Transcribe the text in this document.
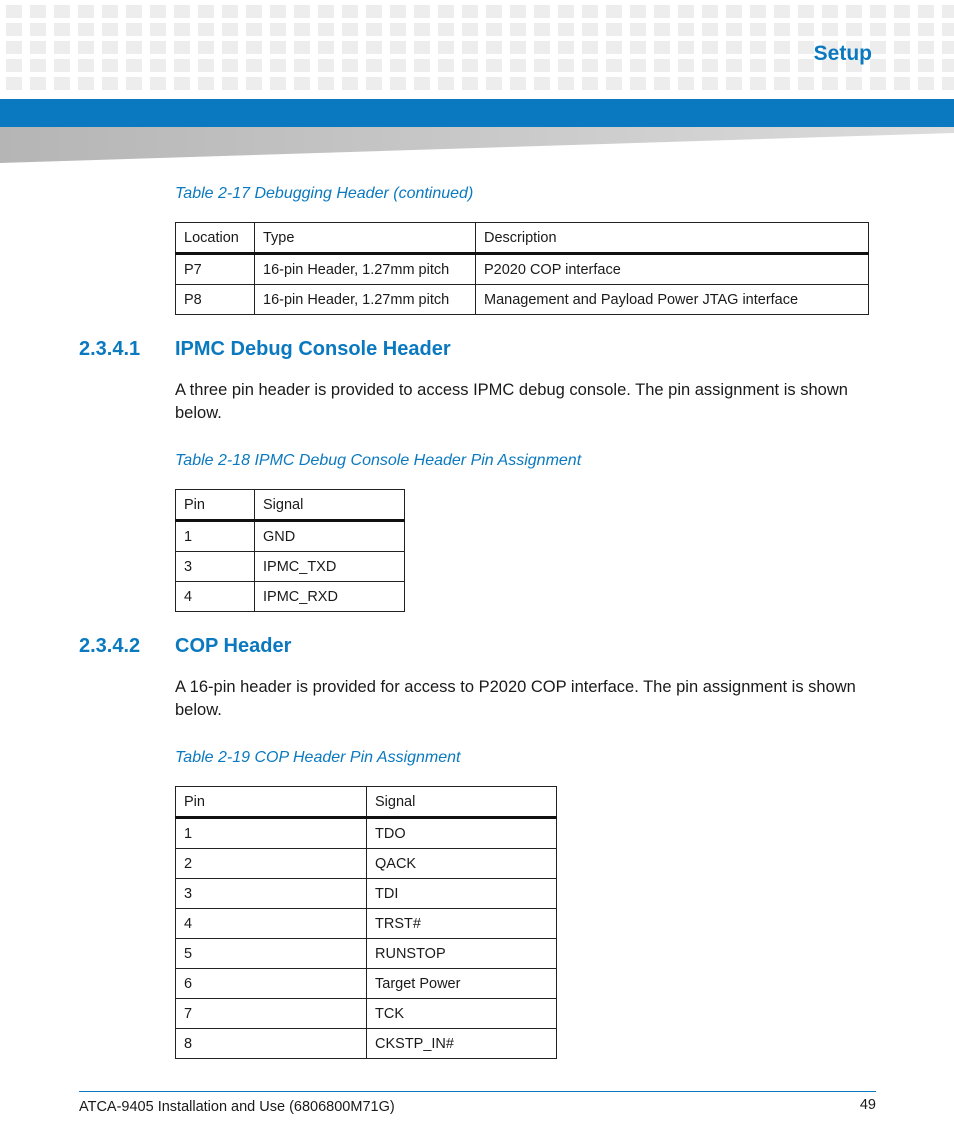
Setup
Table 2-17 Debugging Header (continued)
Location	Type	Description
P7	16-pin Header, 1.27mm pitch	P2020 COP interface
P8	16-pin Header, 1.27mm pitch	Management and Payload Power JTAG interface
2.3.4.1 IPMC Debug Console Header
A three pin header is provided to access IPMC debug console. The pin assignment is shown below.
Table 2-18 IPMC Debug Console Header Pin Assignment
Pin	Signal
1	GND
3	IPMC_TXD
4	IPMC_RXD
2.3.4.2 COP Header
A 16-pin header is provided for access to P2020 COP interface. The pin assignment is shown below.
Table 2-19 COP Header Pin Assignment
Pin	Signal
1	TDO
2	QACK
3	TDI
4	TRST#
5	RUNSTOP
6	Target Power
7	TCK
8	CKSTP_IN#
ATCA-9405 Installation and Use (6806800M71G)	49
